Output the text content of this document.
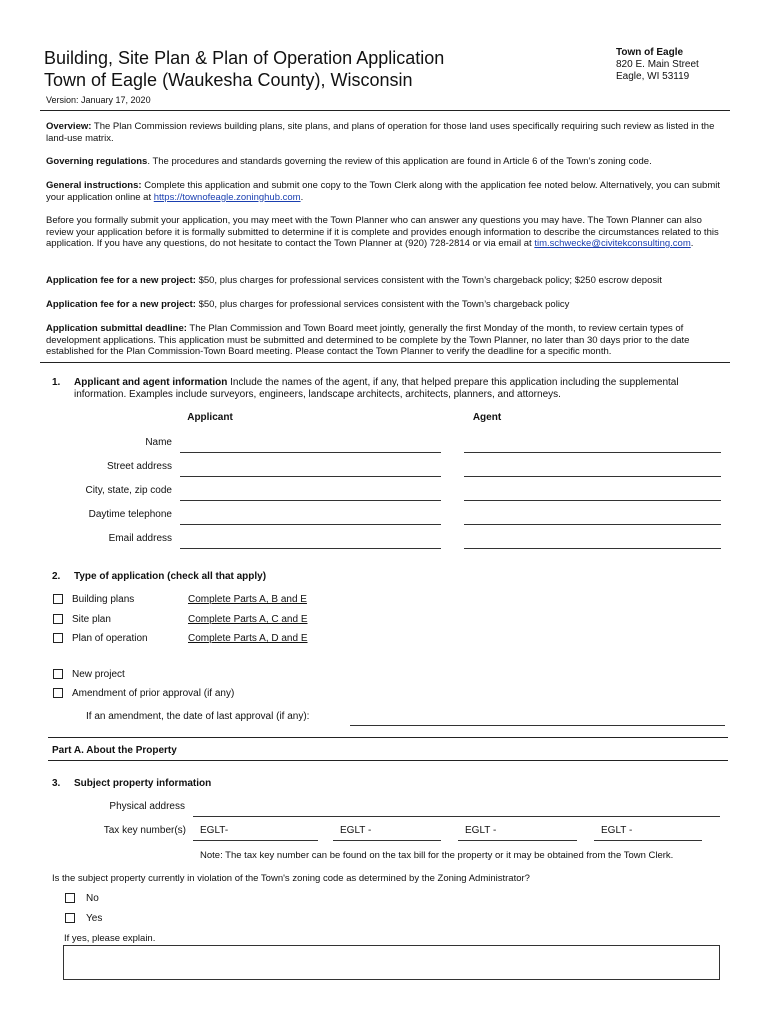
Building, Site Plan & Plan of Operation Application
Town of Eagle (Waukesha County), Wisconsin
Version: January 17, 2020
Town of Eagle
820 E. Main Street
Eagle, WI 53119
Overview: The Plan Commission reviews building plans, site plans, and plans of operation for those land uses specifically requiring such review as listed in the land-use matrix.
Governing regulations. The procedures and standards governing the review of this application are found in Article 6 of the Town’s zoning code.
General instructions: Complete this application and submit one copy to the Town Clerk along with the application fee noted below. Alternatively, you can submit your application online at https://townofeagle.zoninghub.com.
Before you formally submit your application, you may meet with the Town Planner who can answer any questions you may have. The Town Planner can also review your application before it is formally submitted to determine if it is complete and provides enough information to describe the circumstances related to this application. If you have any questions, do not hesitate to contact the Town Planner at (920) 728-2814 or via email at tim.schwecke@civitekconsulting.com.
Application fee for a new project: $50, plus charges for professional services consistent with the Town’s chargeback policy; $250 escrow deposit
Application fee for a new project: $50, plus charges for professional services consistent with the Town’s chargeback policy
Application submittal deadline: The Plan Commission and Town Board meet jointly, generally the first Monday of the month, to review certain types of development applications. This application must be submitted and determined to be complete by the Town Planner, no later than 30 days prior to the date established for the Plan Commission-Town Board meeting. Please contact the Town Planner to verify the deadline for a specific month.
1. Applicant and agent information Include the names of the agent, if any, that helped prepare this application including the supplemental information. Examples include surveyors, engineers, landscape architects, architects, planners, and attorneys.
Applicant	Agent
Name
Street address
City, state, zip code
Daytime telephone
Email address
2. Type of application (check all that apply)
Building plans	Complete Parts A, B and E
Site plan	Complete Parts A, C and E
Plan of operation	Complete Parts A, D and E
New project
Amendment of prior approval (if any)
If an amendment, the date of last approval (if any):
Part A. About the Property
3. Subject property information
Physical address
Tax key number(s) EGLT-	EGLT -	EGLT -	EGLT -
Note: The tax key number can be found on the tax bill for the property or it may be obtained from the Town Clerk.
Is the subject property currently in violation of the Town's zoning code as determined by the Zoning Administrator?
No
Yes
If yes, please explain.
